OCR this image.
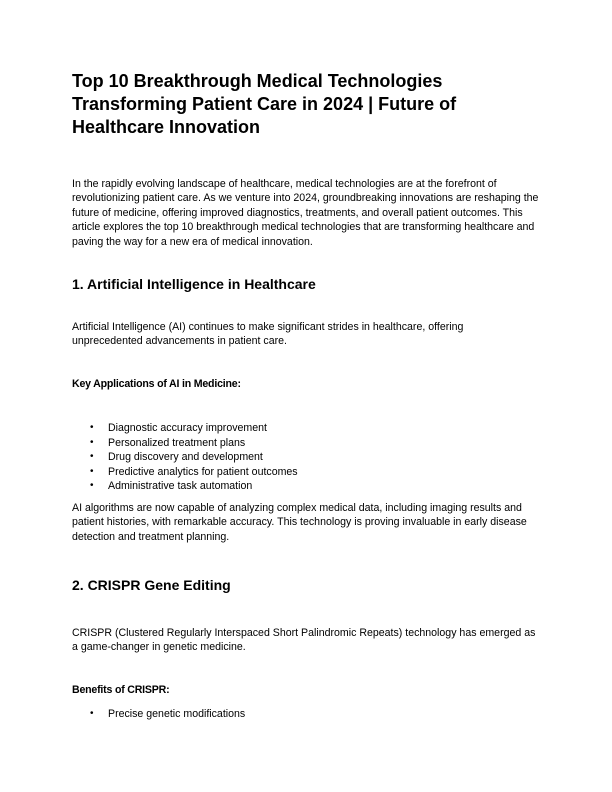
Top 10 Breakthrough Medical Technologies Transforming Patient Care in 2024 | Future of Healthcare Innovation

In the rapidly evolving landscape of healthcare, medical technologies are at the forefront of revolutionizing patient care. As we venture into 2024, groundbreaking innovations are reshaping the future of medicine, offering improved diagnostics, treatments, and overall patient outcomes. This article explores the top 10 breakthrough medical technologies that are transforming healthcare and paving the way for a new era of medical innovation.

1. Artificial Intelligence in Healthcare

Artificial Intelligence (AI) continues to make significant strides in healthcare, offering unprecedented advancements in patient care.

Key Applications of AI in Medicine:

• Diagnostic accuracy improvement
• Personalized treatment plans
• Drug discovery and development
• Predictive analytics for patient outcomes
• Administrative task automation

AI algorithms are now capable of analyzing complex medical data, including imaging results and patient histories, with remarkable accuracy. This technology is proving invaluable in early disease detection and treatment planning.

2. CRISPR Gene Editing

CRISPR (Clustered Regularly Interspaced Short Palindromic Repeats) technology has emerged as a game-changer in genetic medicine.

Benefits of CRISPR:

• Precise genetic modifications
